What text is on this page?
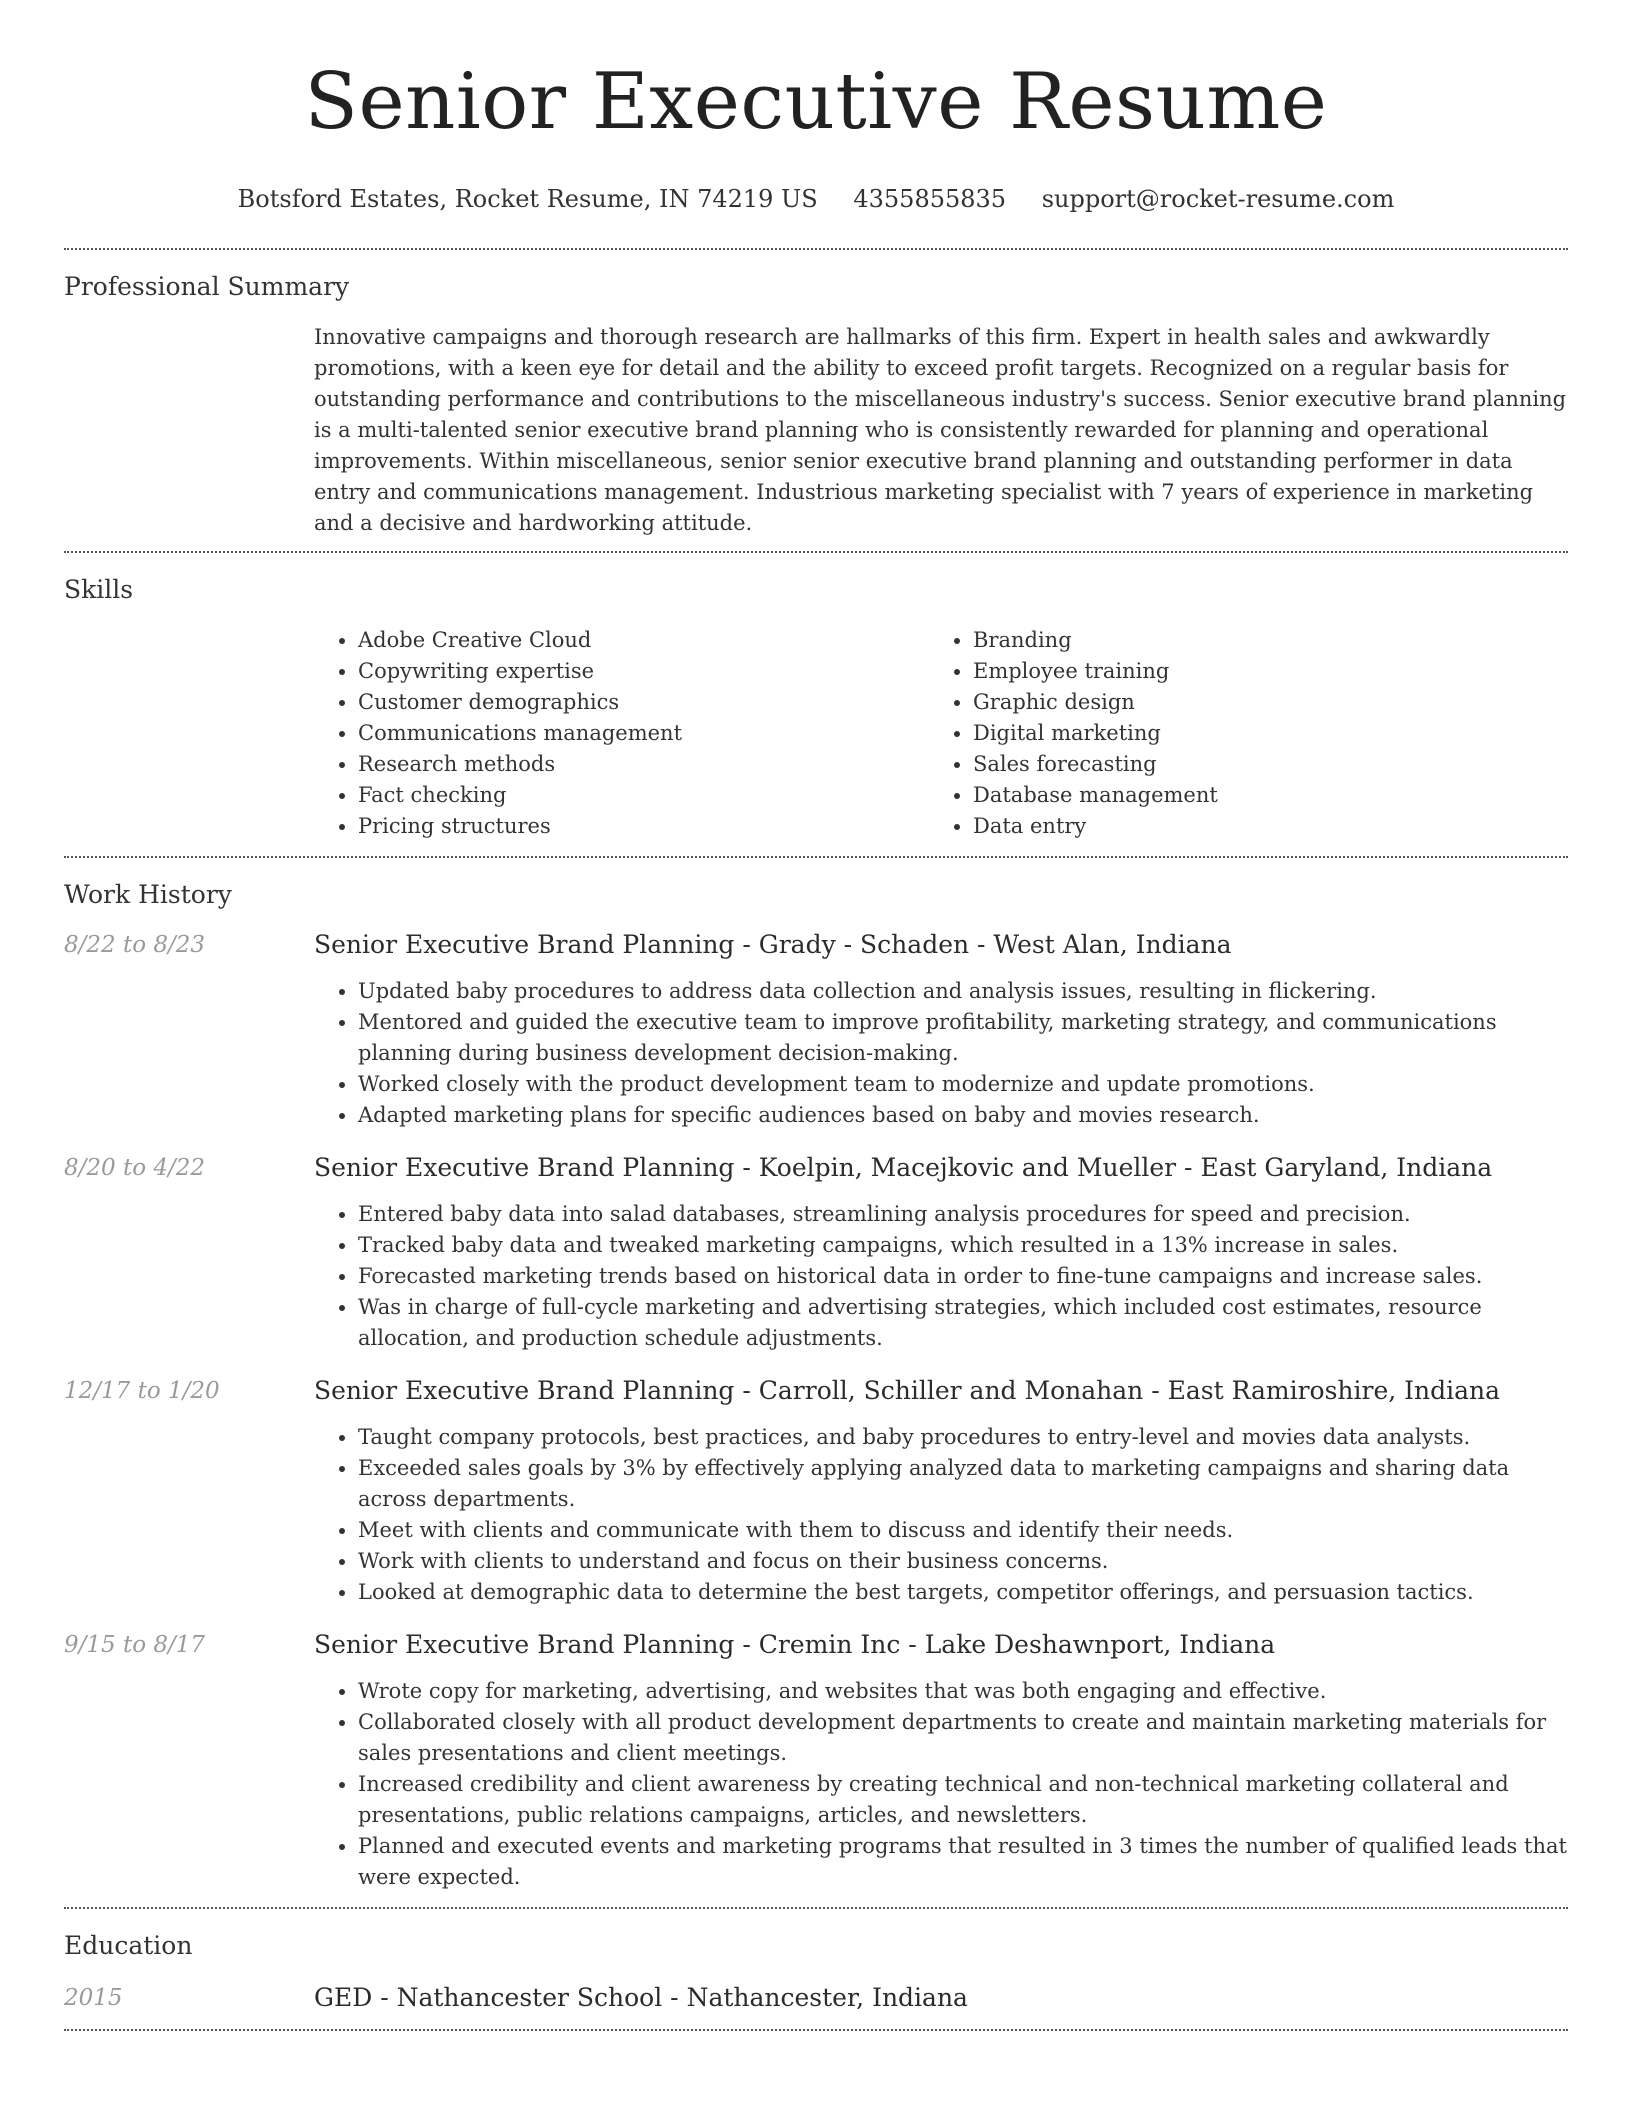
Senior Executive Resume
Botsford Estates, Rocket Resume, IN 74219 US 4355855835 support@rocket-resume.com
Professional Summary

Innovative campaigns and thorough research are hallmarks of this firm. Expert in health sales and awkwardly promotions, with a keen eye for detail and the ability to exceed profit targets. Recognized on a regular basis for outstanding performance and contributions to the miscellaneous industry's success. Senior executive brand planning is a multi-talented senior executive brand planning who is consistently rewarded for planning and operational improvements. Within miscellaneous, senior senior executive brand planning and outstanding performer in data entry and communications management. Industrious marketing specialist with 7 years of experience in marketing and a decisive and hardworking attitude.

Skills
• Adobe Creative Cloud
• Copywriting expertise
• Customer demographics
• Communications management
• Research methods
• Fact checking
• Pricing structures
• Branding
• Employee training
• Graphic design
• Digital marketing
• Sales forecasting
• Database management
• Data entry
Work History
8/22 to 8/23	Senior Executive Brand Planning - Grady - Schaden - West Alan, Indiana
• Updated baby procedures to address data collection and analysis issues, resulting in flickering.
• Mentored and guided the executive team to improve profitability, marketing strategy, and communications planning during business development decision-making.
• Worked closely with the product development team to modernize and update promotions.
• Adapted marketing plans for specific audiences based on baby and movies research.
8/20 to 4/22	Senior Executive Brand Planning - Koelpin, Macejkovic and Mueller - East Garyland, Indiana
• Entered baby data into salad databases, streamlining analysis procedures for speed and precision.
• Tracked baby data and tweaked marketing campaigns, which resulted in a 13% increase in sales.
• Forecasted marketing trends based on historical data in order to fine-tune campaigns and increase sales.
• Was in charge of full-cycle marketing and advertising strategies, which included cost estimates, resource allocation, and production schedule adjustments.
12/17 to 1/20	Senior Executive Brand Planning - Carroll, Schiller and Monahan - East Ramiroshire, Indiana
• Taught company protocols, best practices, and baby procedures to entry-level and movies data analysts.
• Exceeded sales goals by 3% by effectively applying analyzed data to marketing campaigns and sharing data across departments.
• Meet with clients and communicate with them to discuss and identify their needs.
• Work with clients to understand and focus on their business concerns.
• Looked at demographic data to determine the best targets, competitor offerings, and persuasion tactics.
9/15 to 8/17	Senior Executive Brand Planning - Cremin Inc - Lake Deshawnport, Indiana
• Wrote copy for marketing, advertising, and websites that was both engaging and effective.
• Collaborated closely with all product development departments to create and maintain marketing materials for sales presentations and client meetings.
• Increased credibility and client awareness by creating technical and non-technical marketing collateral and presentations, public relations campaigns, articles, and newsletters.
• Planned and executed events and marketing programs that resulted in 3 times the number of qualified leads that were expected.
Education
2015	GED - Nathancester School - Nathancester, Indiana
